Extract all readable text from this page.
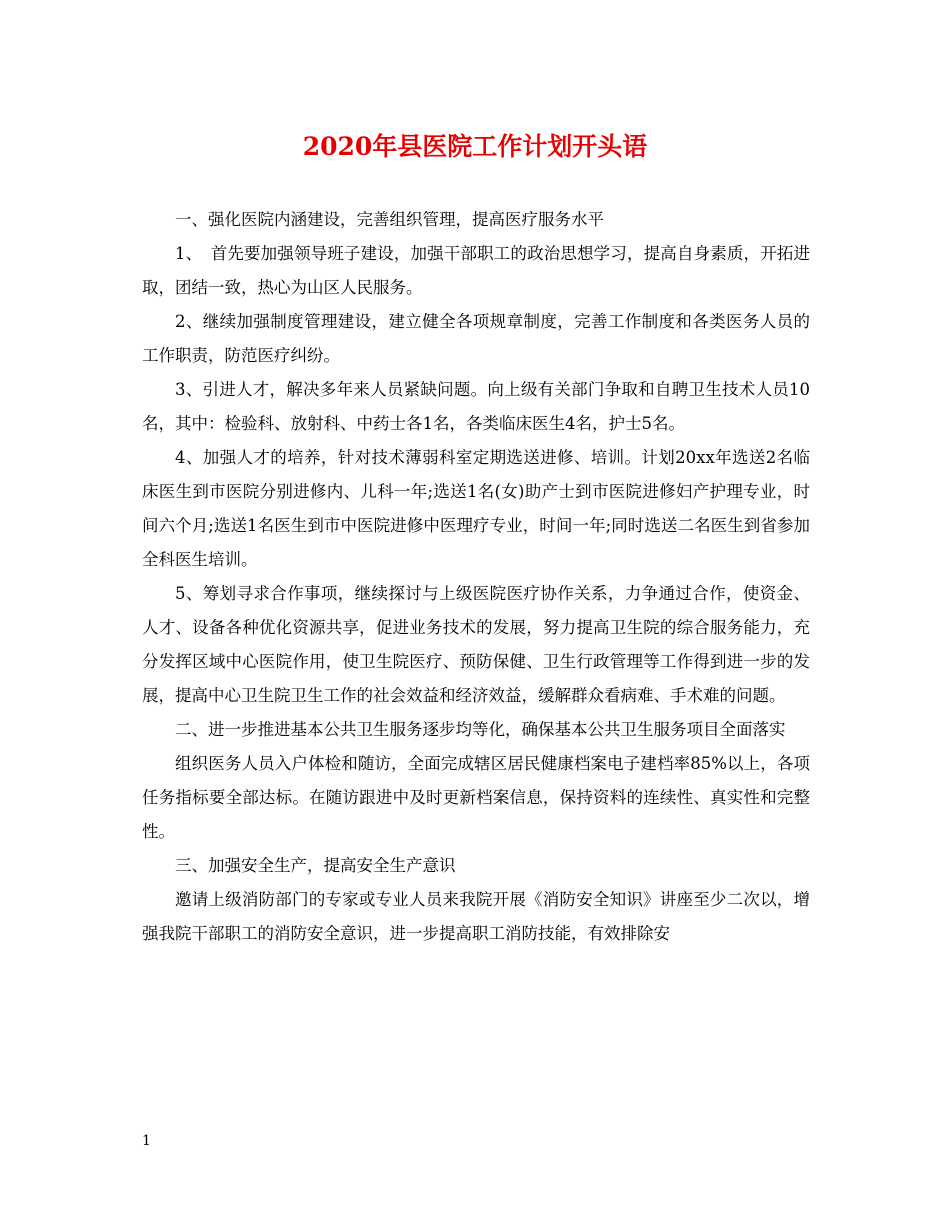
2020年县医院工作计划开头语

一、强化医院内涵建设，完善组织管理，提高医疗服务水平

1、　首先要加强领导班子建设，加强干部职工的政治思想学习，提高自身素质，开拓进取，团结一致，热心为山区人民服务。

2、继续加强制度管理建设，建立健全各项规章制度，完善工作制度和各类医务人员的工作职责，防范医疗纠纷。

3、引进人才，解决多年来人员紧缺问题。向上级有关部门争取和自聘卫生技术人员10名，其中：检验科、放射科、中药士各1名，各类临床医生4名，护士5名。

4、加强人才的培养，针对技术薄弱科室定期选送进修、培训。计划20xx年选送2名临床医生到市医院分别进修内、儿科一年;选送1名(女)助产士到市医院进修妇产护理专业，时间六个月;选送1名医生到市中医院进修中医理疗专业，时间一年;同时选送二名医生到省参加全科医生培训。

5、筹划寻求合作事项，继续探讨与上级医院医疗协作关系，力争通过合作，使资金、人才、设备各种优化资源共享，促进业务技术的发展，努力提高卫生院的综合服务能力，充分发挥区域中心医院作用，使卫生院医疗、预防保健、卫生行政管理等工作得到进一步的发展，提高中心卫生院卫生工作的社会效益和经济效益，缓解群众看病难、手术难的问题。

二、进一步推进基本公共卫生服务逐步均等化，确保基本公共卫生服务项目全面落实

组织医务人员入户体检和随访，全面完成辖区居民健康档案电子建档率85%以上，各项任务指标要全部达标。在随访跟进中及时更新档案信息，保持资料的连续性、真实性和完整性。

三、加强安全生产，提高安全生产意识

邀请上级消防部门的专家或专业人员来我院开展《消防安全知识》讲座至少二次以，增强我院干部职工的消防安全意识，进一步提高职工消防技能，有效排除安

1
